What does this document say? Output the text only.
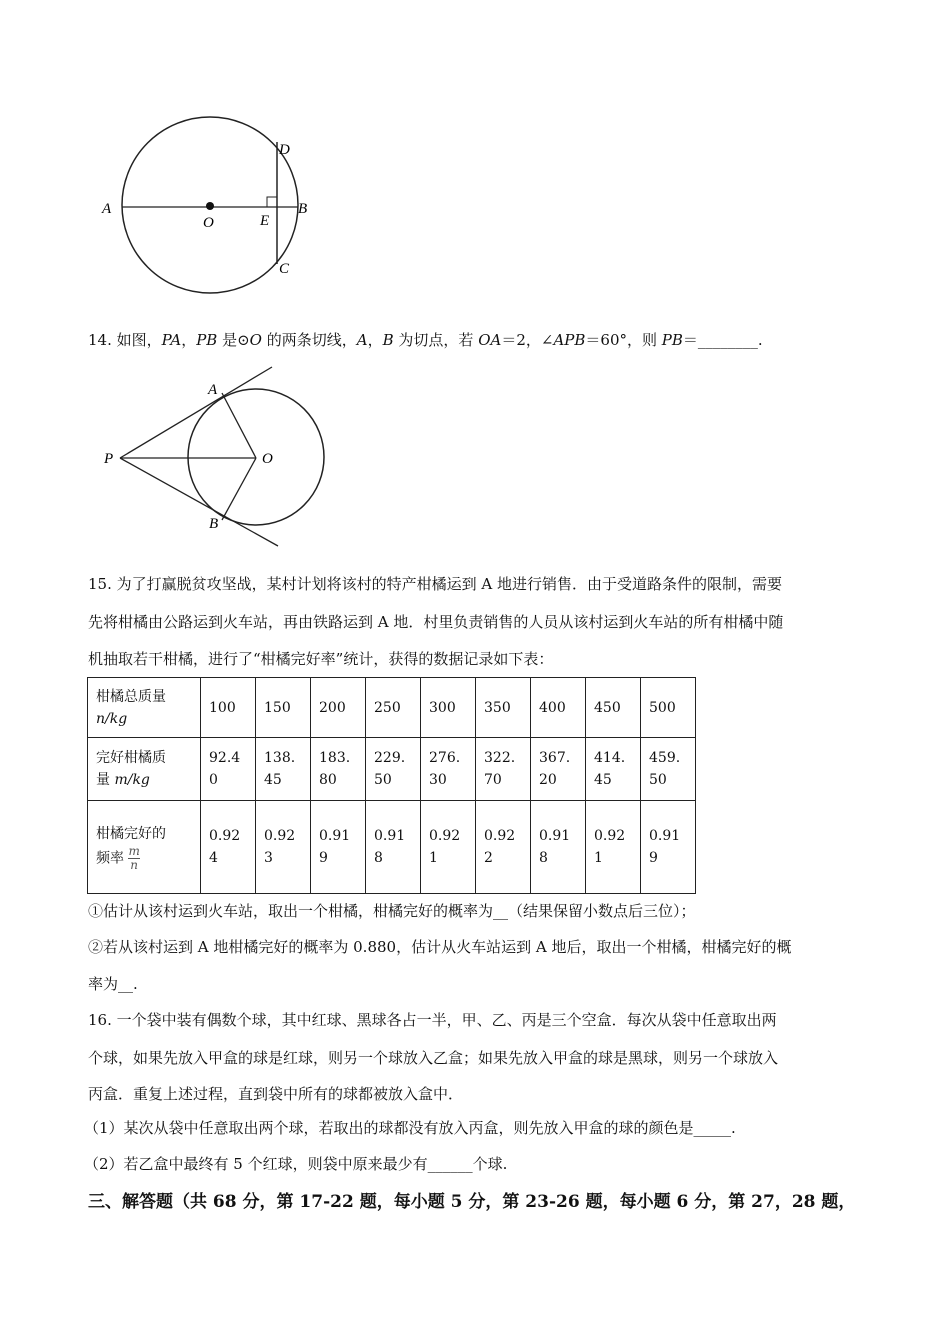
A
O	E
B
D
C
14. 如图，PA，PB 是⊙O 的两条切线，A，B 为切点，若 OA＝2，∠APB＝60°，则 PB＝________.
A
P	O
B
15. 为了打赢脱贫攻坚战，某村计划将该村的特产柑橘运到 A 地进行销售．由于受道路条件的限制，需要
先将柑橘由公路运到火车站，再由铁路运到 A 地．村里负责销售的人员从该村运到火车站的所有柑橘中随
机抽取若干柑橘，进行了“柑橘完好率”统计，获得的数据记录如下表：
柑橘总质量
n/kg	100	150	200	250	300	350	400	450	500
完好柑橘质
量 m/kg	92.40	138.45	183.80	229.50	276.30	322.70	367.20	414.45	459.50
柑橘完好的
频率 $\frac{m}{n}$	0.924	0.923	0.919	0.918	0.921	0.922	0.918	0.921	0.919
①估计从该村运到火车站，取出一个柑橘，柑橘完好的概率为__（结果保留小数点后三位）；
②若从该村运到 A 地柑橘完好的概率为 0.880，估计从火车站运到 A 地后，取出一个柑橘，柑橘完好的概
率为__.
16. 一个袋中装有偶数个球，其中红球、黑球各占一半，甲、乙、丙是三个空盒．每次从袋中任意取出两
个球，如果先放入甲盒的球是红球，则另一个球放入乙盒；如果先放入甲盒的球是黑球，则另一个球放入
丙盒．重复上述过程，直到袋中所有的球都被放入盒中．
（1）某次从袋中任意取出两个球，若取出的球都没有放入丙盒，则先放入甲盒的球的颜色是_____.
（2）若乙盒中最终有 5 个红球，则袋中原来最少有______个球.
三、解答题（共 68 分，第 17-22 题，每小题 5 分，第 23-26 题，每小题 6 分，第 27，28 题，
